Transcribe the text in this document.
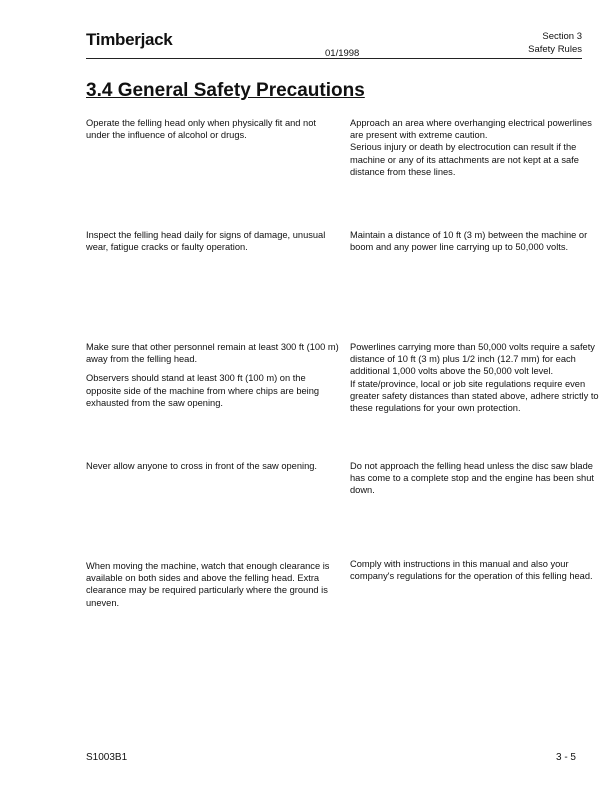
Timberjack
01/1998
Section 3
Safety Rules
3.4 General Safety Precautions

Operate the felling head only when physically fit and not under the influence of alcohol or drugs.

Approach an area where overhanging electrical powerlines are present with extreme caution.
Serious injury or death by electrocution can result if the machine or any of its attachments are not kept at a safe distance from these lines.

Inspect the felling head daily for signs of damage, unusual wear, fatigue cracks or faulty operation.

Maintain a distance of 10 ft (3 m) between the machine or boom and any power line carrying up to 50,000 volts.

Make sure that other personnel remain at least 300 ft (100 m) away from the felling head.

Observers should stand at least 300 ft (100 m) on the opposite side of the machine from where chips are being exhausted from the saw opening.

Powerlines carrying more than 50,000 volts require a safety distance of 10 ft (3 m) plus 1/2 inch (12.7 mm) for each additional 1,000 volts above the 50,000 volt level.
If state/province, local or job site regulations require even greater safety distances than stated above, adhere strictly to these regulations for your own protection.

Never allow anyone to cross in front of the saw opening.	Do not approach the felling head unless the disc saw blade has come to a complete stop and the engine has been shut down.

When moving the machine, watch that enough clearance is available on both sides and above the felling head. Extra clearance may be required particularly where the ground is uneven.

Comply with instructions in this manual and also your company's regulations for the operation of this felling head.

S1003B1	3 - 5
